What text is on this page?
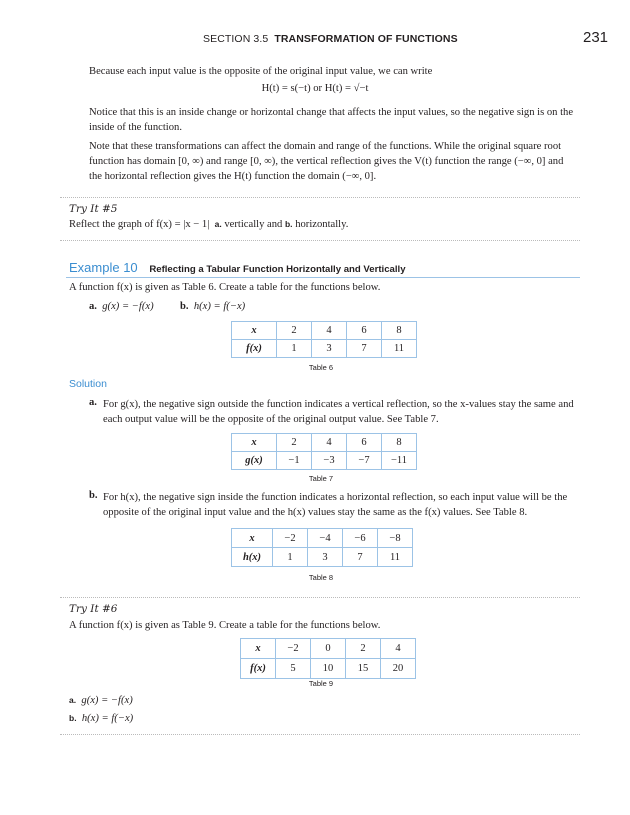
SECTION 3.5 TRANSFORMATION OF FUNCTIONS	231
Because each input value is the opposite of the original input value, we can write
H(t) = s(−t) or H(t) = √−t
Notice that this is an inside change or horizontal change that affects the input values, so the negative sign is on the
inside of the function.
Note that these transformations can affect the domain and range of the functions. While the original square root
function has domain [0, ∞) and range [0, ∞), the vertical reflection gives the V(t) function the range (−∞, 0] and
the horizontal reflection gives the H(t) function the domain (−∞, 0].
Try It #5
Reflect the graph of f(x) = |x − 1| a. vertically and b. horizontally.
Example 10 Reflecting a Tabular Function Horizontally and Vertically
A function f(x) is given as Table 6. Create a table for the functions below.
a. g(x) = −f(x) b. h(x) = f(−x)
x	2	4	6	8
f(x)	1	3	7	11
Table 6
Solution
a. For g(x), the negative sign outside the function indicates a vertical reflection, so the x-values stay the same and
each output value will be the opposite of the original output value. See Table 7.
x	2	4	6	8
g(x)	−1	−3	−7	−11
Table 7
b. For h(x), the negative sign inside the function indicates a horizontal reflection, so each input value will be the
opposite of the original input value and the h(x) values stay the same as the f(x) values. See Table 8.
x	−2	−4	−6	−8
h(x)	1	3	7	11
Table 8
Try It #6
A function f(x) is given as Table 9. Create a table for the functions below.
x	−2	0	2	4
f(x)	5	10	15	20
Table 9
a. g(x) = −f(x)
b. h(x) = f(−x)
